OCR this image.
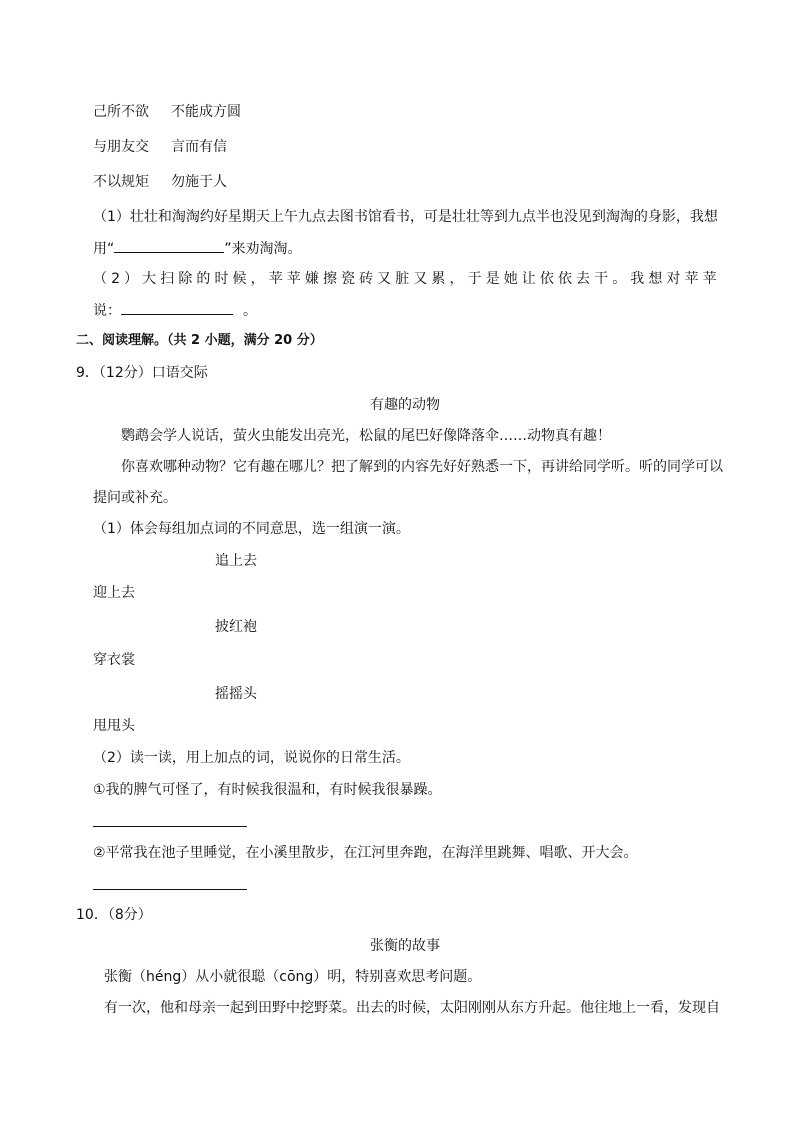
己所不欲 不能成方圆
与朋友交 言而有信
不以规矩 勿施于人
（1）壮壮和淘淘约好星期天上午九点去图书馆看书，可是壮壮等到九点半也没见到淘淘的身影，我想
用“	”来劝淘淘。
（ 2 ） 大 扫 除 的 时 候 ， 苹 苹 嫌 擦 瓷 砖 又 脏 又 累 ， 于 是 她 让 依 依 去 干 。 我 想 对 苹 苹
说：	。
二、阅读理解。（共 2 小题，满分 20 分）
9．（12分）口语交际
有趣的动物
鹦鹉会学人说话，萤火虫能发出亮光，松鼠的尾巴好像降落伞……动物真有趣！
你喜欢哪种动物？它有趣在哪儿？把了解到的内容先好好熟悉一下，再讲给同学听。听的同学可以
提问或补充。
（1）体会每组加点词的不同意思，选一组演一演。
追上去
迎上去
披红袍
穿衣裳
摇摇头
甩甩头
（2）读一读，用上加点的词，说说你的日常生活。
①我的脾气可怪了，有时候我很温和，有时候我很暴躁。
②平常我在池子里睡觉，在小溪里散步，在江河里奔跑，在海洋里跳舞、唱歌、开大会。
10．（8分）
张衡的故事
张衡（héng）从小就很聪（cōng）明，特别喜欢思考问题。
有一次，他和母亲一起到田野中挖野菜。出去的时候，太阳刚刚从东方升起。他往地上一看，发现自
